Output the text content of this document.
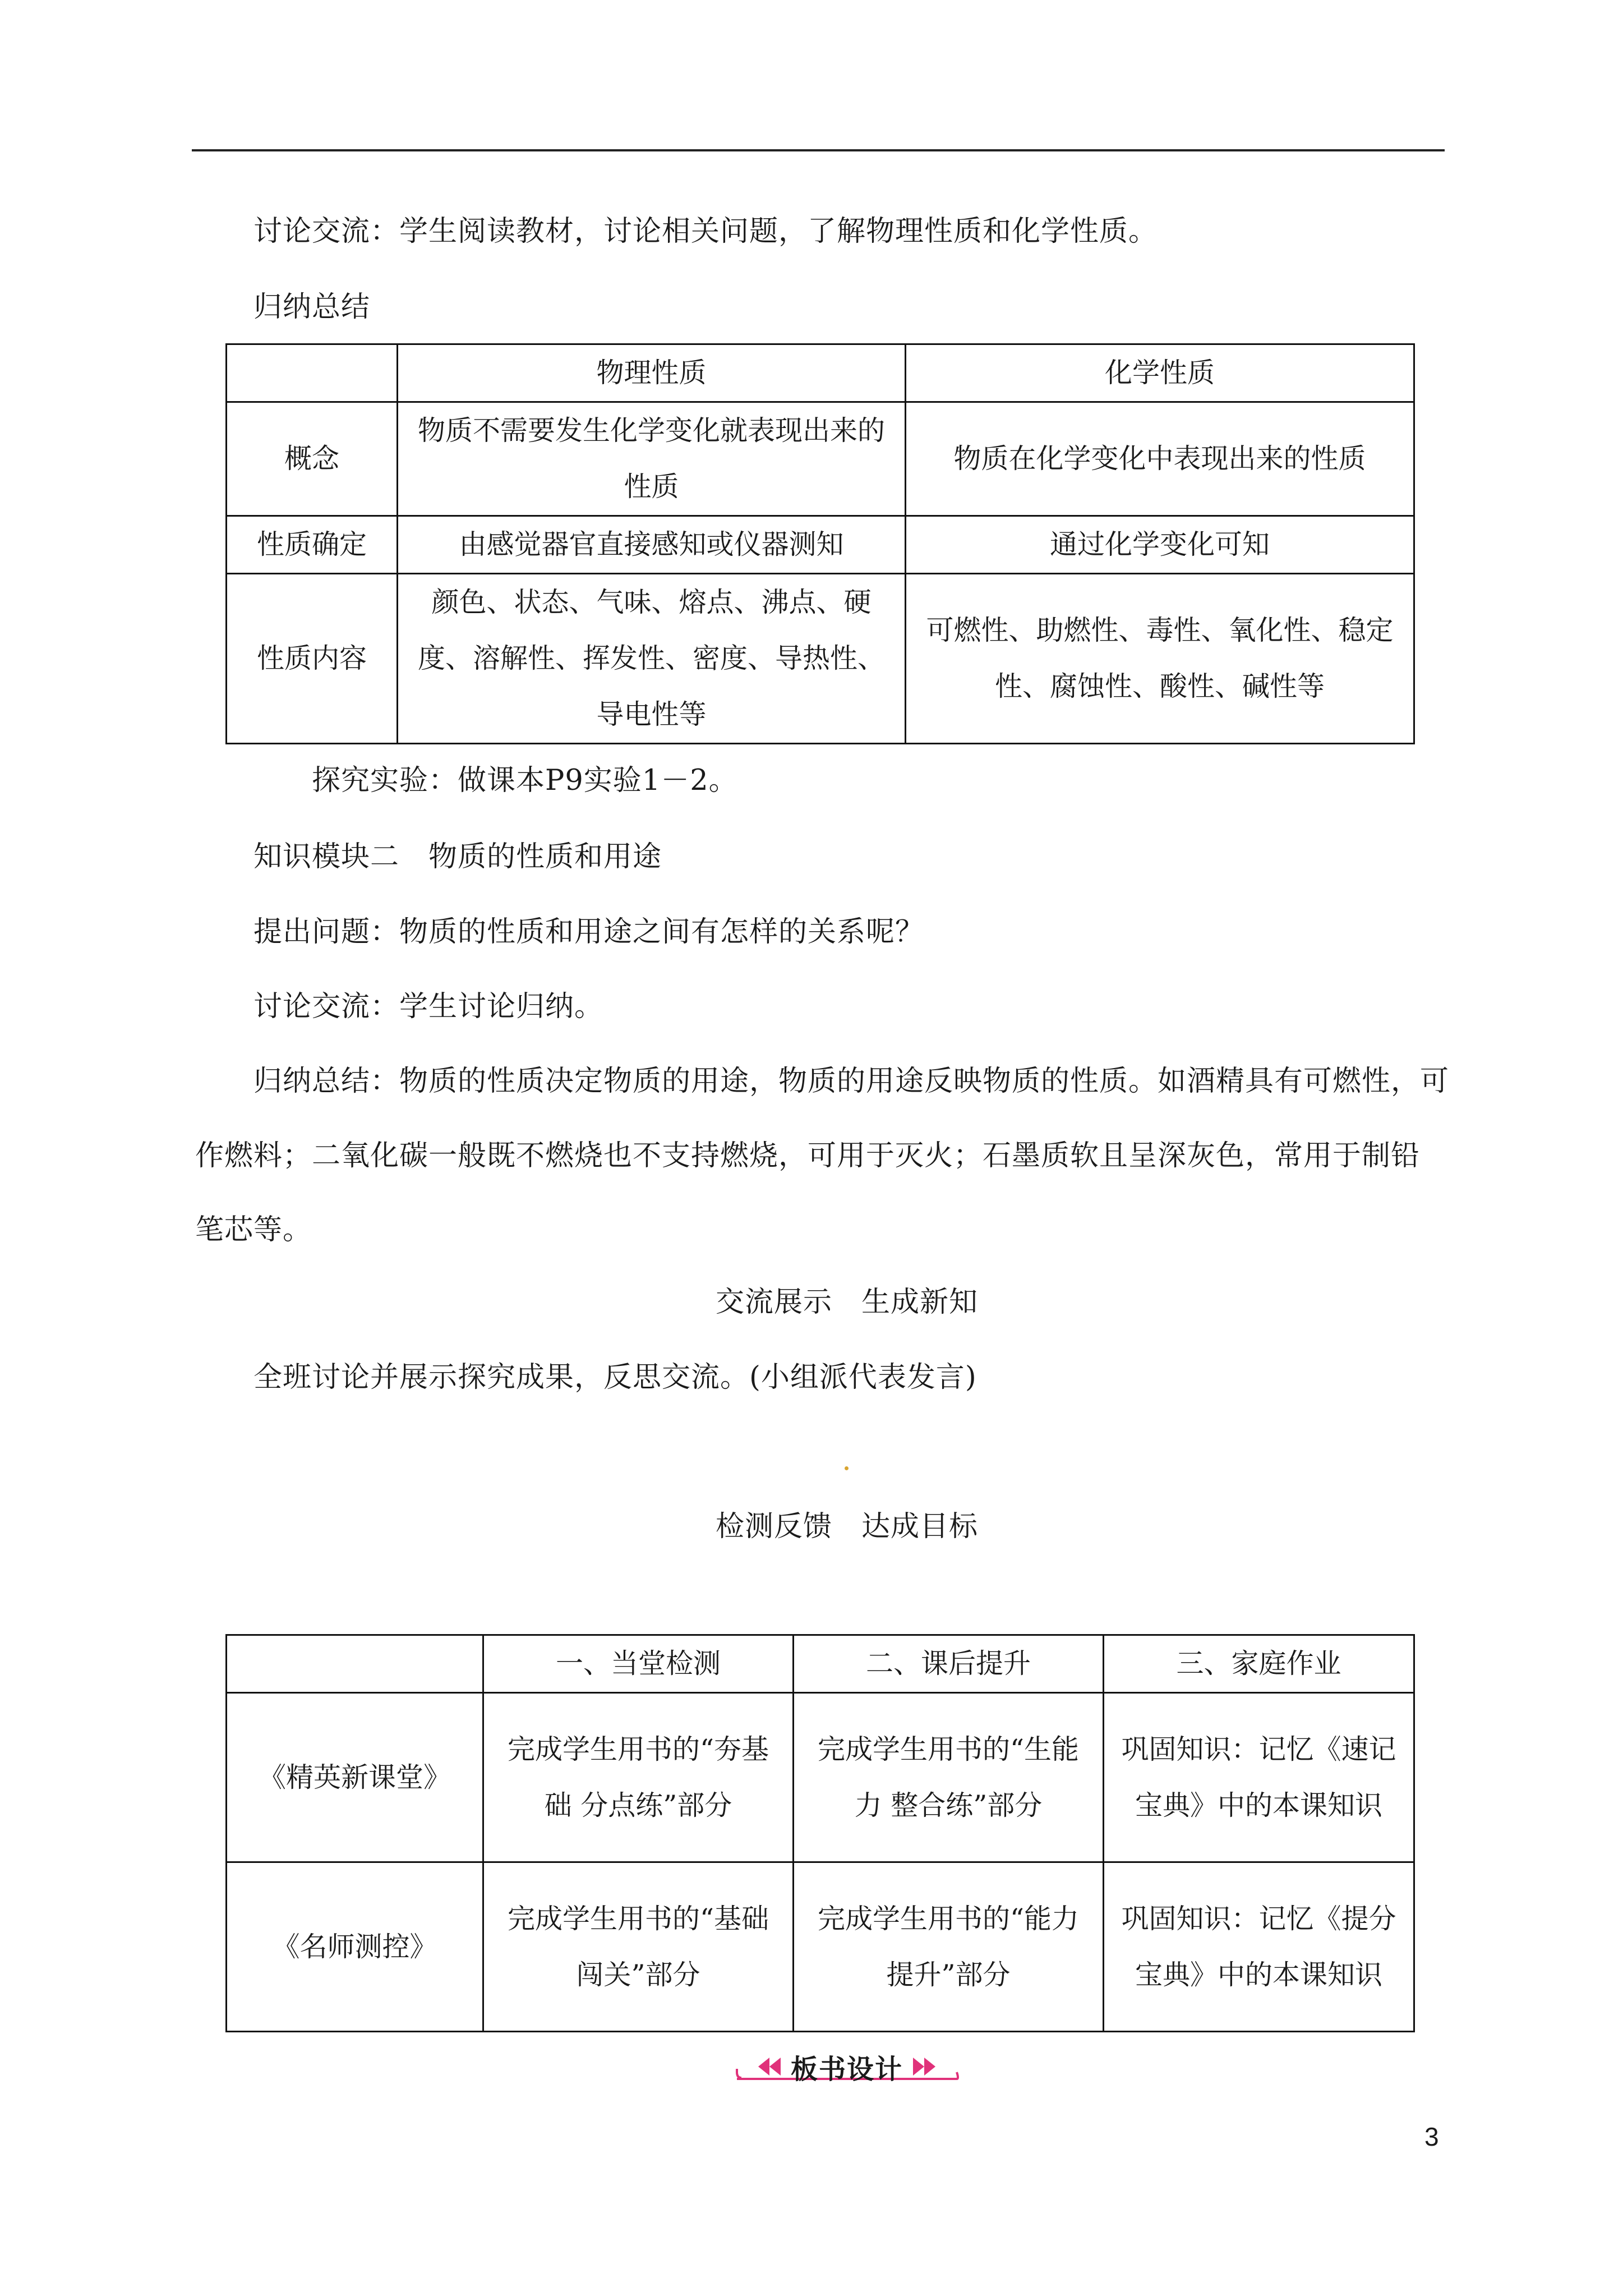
讨论交流：学生阅读教材，讨论相关问题，了解物理性质和化学性质。
归纳总结
	物理性质	化学性质
概念	物质不需要发生化学变化就表现出来的性质	物质在化学变化中表现出来的性质
性质确定	由感觉器官直接感知或仪器测知	通过化学变化可知
性质内容	颜色、状态、气味、熔点、沸点、硬度、溶解性、挥发性、密度、导热性、导电性等	可燃性、助燃性、毒性、氧化性、稳定性、腐蚀性、酸性、碱性等
探究实验：做课本P9实验1－2。
知识模块二　物质的性质和用途
提出问题：物质的性质和用途之间有怎样的关系呢？
讨论交流：学生讨论归纳。
归纳总结：物质的性质决定物质的用途，物质的用途反映物质的性质。如酒精具有可燃性，可
作燃料；二氧化碳一般既不燃烧也不支持燃烧，可用于灭火；石墨质软且呈深灰色，常用于制铅
笔芯等。
交流展示　生成新知
全班讨论并展示探究成果，反思交流。(小组派代表发言)
检测反馈　达成目标
	一、当堂检测	二、课后提升	三、家庭作业
《精英新课堂》	完成学生用书的“夯基础 分点练”部分	完成学生用书的“生能力 整合练”部分	巩固知识：记忆《速记宝典》中的本课知识
《名师测控》	完成学生用书的“基础闯关”部分	完成学生用书的“能力提升”部分	巩固知识：记忆《提分宝典》中的本课知识
板书设计
3
